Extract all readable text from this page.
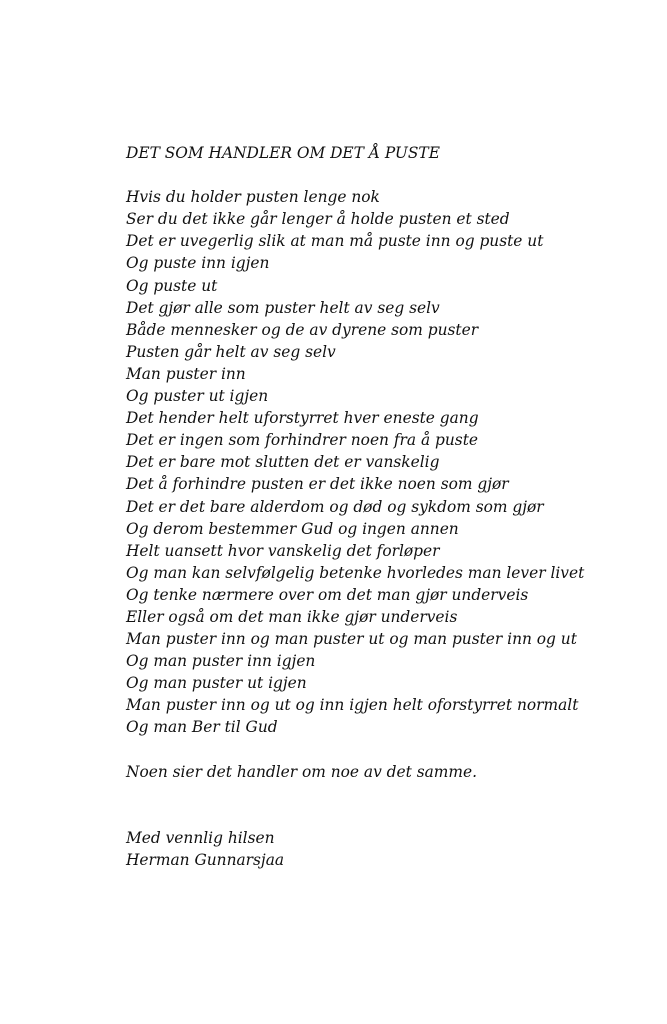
DET SOM HANDLER OM DET Å PUSTE
Hvis du holder pusten lenge nok
Ser du det ikke går lenger å holde pusten et sted
Det er uvegerlig slik at man må puste inn og puste ut
Og puste inn igjen
Og puste ut
Det gjør alle som puster helt av seg selv
Både mennesker og de av dyrene som puster
Pusten går helt av seg selv
Man puster inn
Og puster ut igjen
Det hender helt uforstyrret hver eneste gang
Det er ingen som forhindrer noen fra å puste
Det er bare mot slutten det er vanskelig
Det å forhindre pusten er det ikke noen som gjør
Det er det bare alderdom og død og sykdom som gjør
Og derom bestemmer Gud og ingen annen
Helt uansett hvor vanskelig det forløper
Og man kan selvfølgelig betenke hvorledes man lever livet
Og tenke nærmere over om det man gjør underveis
Eller også om det man ikke gjør underveis
Man puster inn og man puster ut og man puster inn og ut
Og man puster inn igjen
Og man puster ut igjen
Man puster inn og ut og inn igjen helt oforstyrret normalt
Og man Ber til Gud
Noen sier det handler om noe av det samme.
Med vennlig hilsen
Herman Gunnarsjaa
